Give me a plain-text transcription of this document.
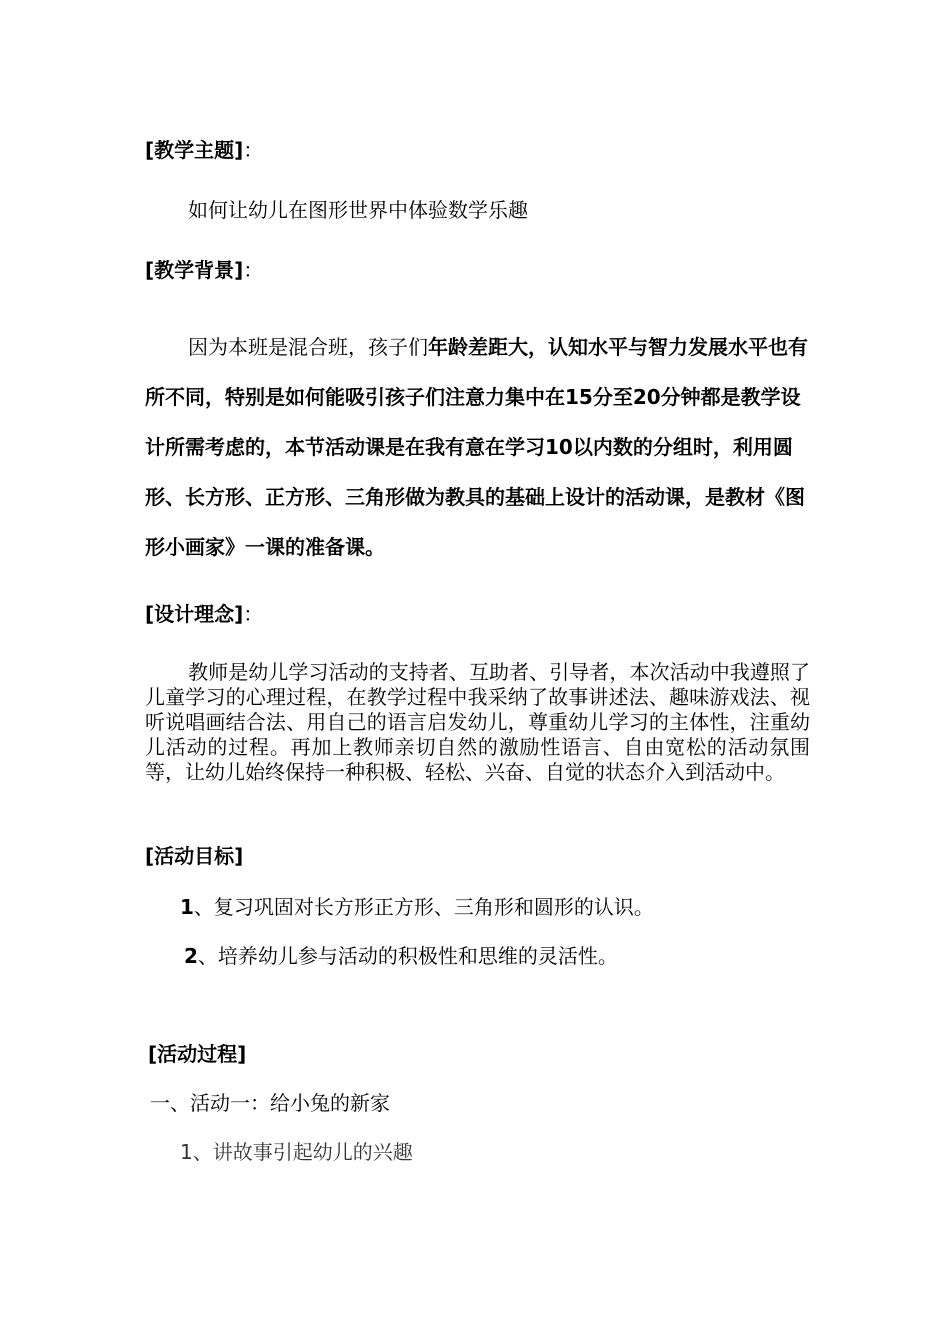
[教学主题]：
如何让幼儿在图形世界中体验数学乐趣
[教学背景]：
因为本班是混合班，孩子们年龄差距大，认知水平与智力发展水平也有所不同，特别是如何能吸引孩子们注意力集中在15分至20分钟都是教学设计所需考虑的，本节活动课是在我有意在学习10以内数的分组时，利用圆形、长方形、正方形、三角形做为教具的基础上设计的活动课，是教材《图形小画家》一课的准备课。
[设计理念]：
教师是幼儿学习活动的支持者、互助者、引导者，本次活动中我遵照了儿童学习的心理过程，在教学过程中我采纳了故事讲述法、趣味游戏法、视听说唱画结合法、用自己的语言启发幼儿，尊重幼儿学习的主体性，注重幼儿活动的过程。再加上教师亲切自然的激励性语言、自由宽松的活动氛围等，让幼儿始终保持一种积极、轻松、兴奋、自觉的状态介入到活动中。
[活动目标]
1、复习巩固对长方形正方形、三角形和圆形的认识。
2、培养幼儿参与活动的积极性和思维的灵活性。
[活动过程]
一、活动一：给小兔的新家
1、讲故事引起幼儿的兴趣
